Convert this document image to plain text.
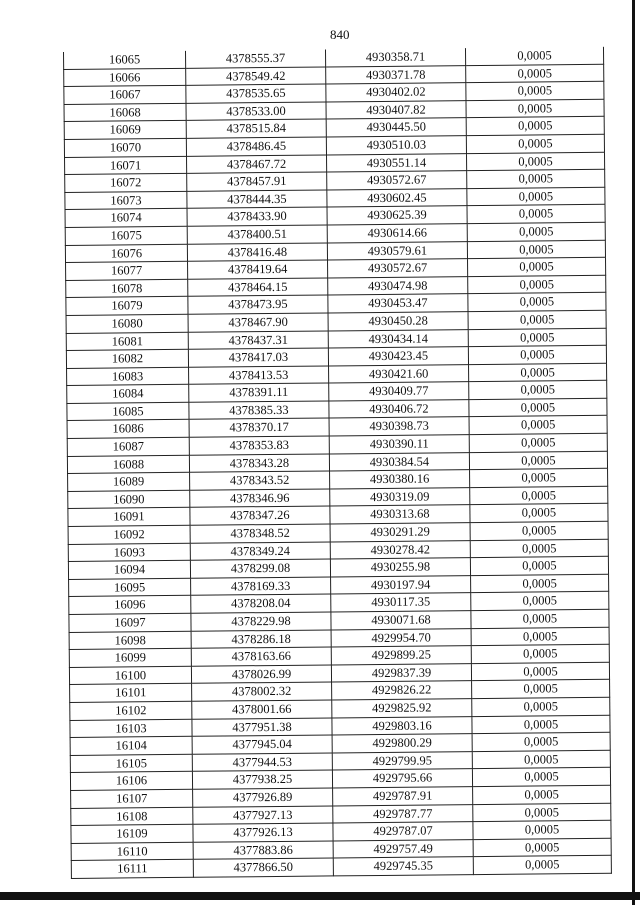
840
16065	4378555.37	4930358.71	0,0005
16066	4378549.42	4930371.78	0,0005
16067	4378535.65	4930402.02	0,0005
16068	4378533.00	4930407.82	0,0005
16069	4378515.84	4930445.50	0,0005
16070	4378486.45	4930510.03	0,0005
16071	4378467.72	4930551.14	0,0005
16072	4378457.91	4930572.67	0,0005
16073	4378444.35	4930602.45	0,0005
16074	4378433.90	4930625.39	0,0005
16075	4378400.51	4930614.66	0,0005
16076	4378416.48	4930579.61	0,0005
16077	4378419.64	4930572.67	0,0005
16078	4378464.15	4930474.98	0,0005
16079	4378473.95	4930453.47	0,0005
16080	4378467.90	4930450.28	0,0005
16081	4378437.31	4930434.14	0,0005
16082	4378417.03	4930423.45	0,0005
16083	4378413.53	4930421.60	0,0005
16084	4378391.11	4930409.77	0,0005
16085	4378385.33	4930406.72	0,0005
16086	4378370.17	4930398.73	0,0005
16087	4378353.83	4930390.11	0,0005
16088	4378343.28	4930384.54	0,0005
16089	4378343.52	4930380.16	0,0005
16090	4378346.96	4930319.09	0,0005
16091	4378347.26	4930313.68	0,0005
16092	4378348.52	4930291.29	0,0005
16093	4378349.24	4930278.42	0,0005
16094	4378299.08	4930255.98	0,0005
16095	4378169.33	4930197.94	0,0005
16096	4378208.04	4930117.35	0,0005
16097	4378229.98	4930071.68	0,0005
16098	4378286.18	4929954.70	0,0005
16099	4378163.66	4929899.25	0,0005
16100	4378026.99	4929837.39	0,0005
16101	4378002.32	4929826.22	0,0005
16102	4378001.66	4929825.92	0,0005
16103	4377951.38	4929803.16	0,0005
16104	4377945.04	4929800.29	0,0005
16105	4377944.53	4929799.95	0,0005
16106	4377938.25	4929795.66	0,0005
16107	4377926.89	4929787.91	0,0005
16108	4377927.13	4929787.77	0,0005
16109	4377926.13	4929787.07	0,0005
16110	4377883.86	4929757.49	0,0005
16111	4377866.50	4929745.35	0,0005
